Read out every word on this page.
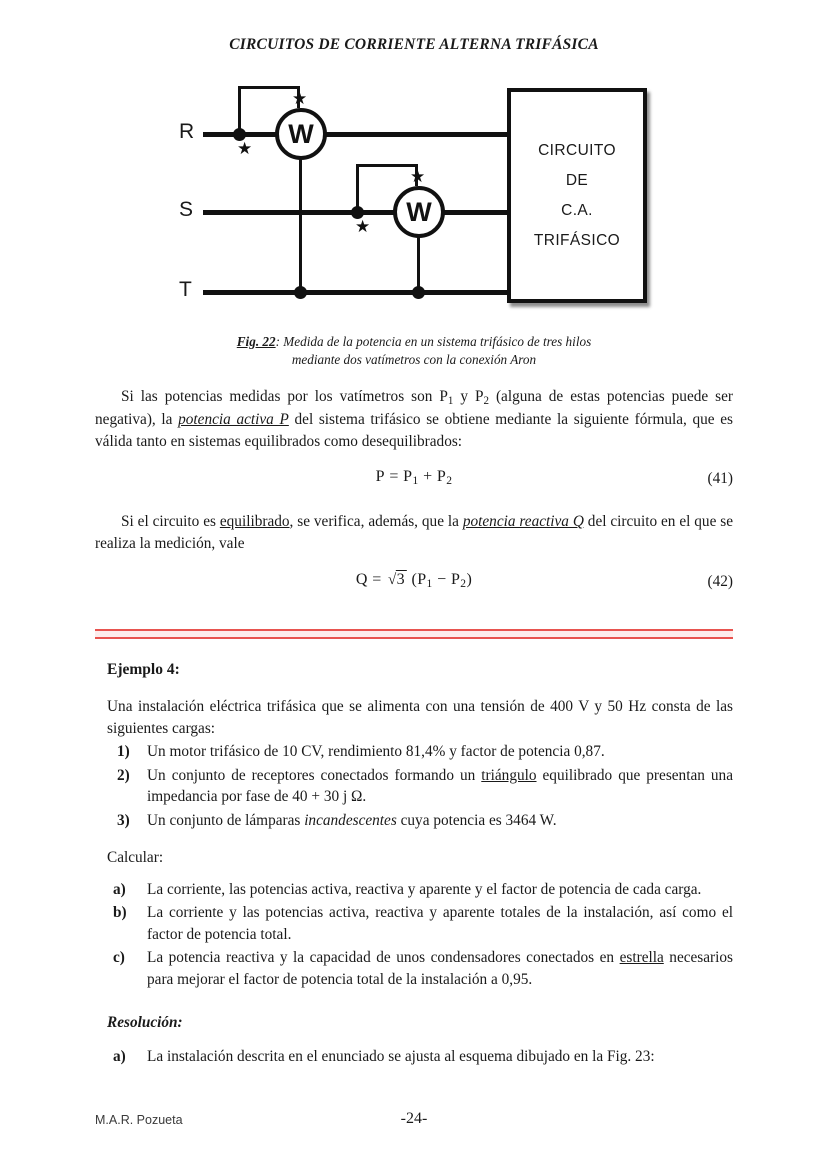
CIRCUITOS DE CORRIENTE ALTERNA TRIFÁSICA
R
S
T
W
★
★
W
★
★
CIRCUITO
DE
C.A.
TRIFÁSICO
Fig. 22: Medida de la potencia en un sistema trifásico de tres hilos
mediante dos vatímetros con la conexión Aron

Si las potencias medidas por los vatímetros son $P_1$ y $P_2$ (alguna de estas potencias puede ser negativa), la potencia activa P del sistema trifásico se obtiene mediante la siguiente fórmula, que es válida tanto en sistemas equilibrados como desequilibrados:

$P = P_1 + P_2$	(41)

Si el circuito es equilibrado, se verifica, además, que la potencia reactiva Q del circuito en el que se realiza la medición, vale

Q = √3 $(P_1 - P_2)$	(42)
Ejemplo 4:

Una instalación eléctrica trifásica que se alimenta con una tensión de 400 V y 50 Hz consta de las siguientes cargas:

1) Un motor trifásico de 10 CV, rendimiento 81,4% y factor de potencia 0,87.
2) Un conjunto de receptores conectados formando un triángulo equilibrado que presentan una impedancia por fase de 40 + 30 j Ω.
3) Un conjunto de lámparas incandescentes cuya potencia es 3464 W.
Calcular:
a) La corriente, las potencias activa, reactiva y aparente y el factor de potencia de cada carga.
b) La corriente y las potencias activa, reactiva y aparente totales de la instalación, así como el factor de potencia total.
c) La potencia reactiva y la capacidad de unos condensadores conectados en estrella necesarios para mejorar el factor de potencia total de la instalación a 0,95.
Resolución:
a) La instalación descrita en el enunciado se ajusta al esquema dibujado en la Fig. 23:
M.A.R. Pozueta	-24-
